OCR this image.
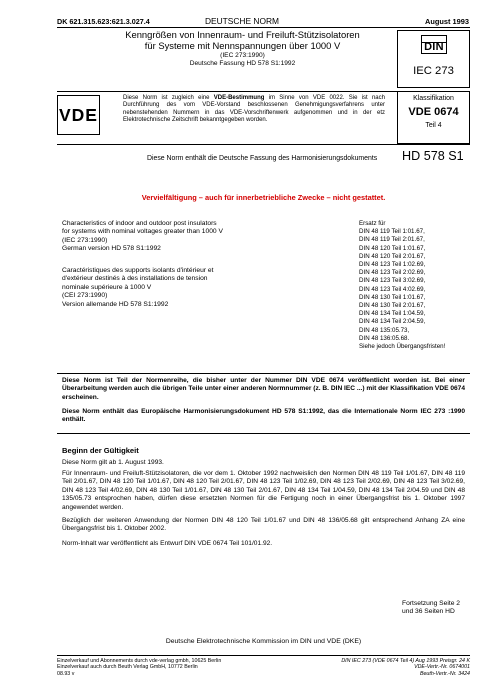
DK 621.315.623:621.3.027.4	DEUTSCHE NORM	August 1993
Kenngrößen von Innenraum- und Freiluft-Stützisolatoren
für Systeme mit Nennspannungen über 1000 V
(IEC 273:1990)
Deutsche Fassung HD 578 S1:1992
DIN
IEC 273
VDE
Diese Norm ist zugleich eine VDE-Bestimmung im Sinne von VDE 0022. Sie ist nach Durchführung des vom VDE-Vorstand beschlossenen Genehmigungsverfahrens unter nebenstehenden Nummern in das VDE-Vorschriftenwerk aufgenommen und in der etz Elektrotechnische Zeitschrift bekanntgegeben worden.
Klassifikation
VDE 0674
Teil 4
Diese Norm enthält die Deutsche Fassung des Harmonisierungsdokuments HD 578 S1
Vervielfältigung – auch für innerbetriebliche Zwecke – nicht gestattet.
Characteristics of indoor and outdoor post insulators
for systems with nominal voltages greater than 1000 V
(IEC 273:1990)
German version HD 578 S1:1992
Caractéristiques des supports isolants d'intérieur et
d'extérieur destinés à des installations de tension
nominale supérieure à 1000 V
(CEI 273:1990)
Version allemande HD 578 S1:1992
Ersatz für
DIN 48 119 Teil 1:01.67,
DIN 48 119 Teil 2:01.67,
DIN 48 120 Teil 1:01.67,
DIN 48 120 Teil 2:01.67,
DIN 48 123 Teil 1:02.69,
DIN 48 123 Teil 2:02.69,
DIN 48 123 Teil 3:02.69,
DIN 48 123 Teil 4:02.69,
DIN 48 130 Teil 1:01.67,
DIN 48 130 Teil 2:01.67,
DIN 48 134 Teil 1:04.59,
DIN 48 134 Teil 2:04.59,
DIN 48 135:05.73,
DIN 48 136:05.68.
Siehe jedoch Übergangsfristen!
Diese Norm ist Teil der Normenreihe, die bisher unter der Nummer DIN VDE 0674 veröffentlicht worden ist. Bei einer Überarbeitung werden auch die übrigen Teile unter einer anderen Normnummer (z. B. DIN IEC ...) mit der Klassifikation VDE 0674 erscheinen.
Diese Norm enthält das Europäische Harmonisierungsdokument HD 578 S1:1992, das die Internationale Norm IEC 273 :1990 enthält.
Beginn der Gültigkeit
Diese Norm gilt ab 1. August 1993.
Für Innenraum- und Freiluft-Stützisolatoren, die vor dem 1. Oktober 1992 nachweislich den Normen DIN 48 119 Teil 1/01.67, DIN 48 119 Teil 2/01.67, DIN 48 120 Teil 1/01.67, DIN 48 120 Teil 2/01.67, DIN 48 123 Teil 1/02.69, DIN 48 123 Teil 2/02.69, DIN 48 123 Teil 3/02.69, DIN 48 123 Teil 4/02.69, DIN 48 130 Teil 1/01.67, DIN 48 130 Teil 2/01.67, DIN 48 134 Teil 1/04.59, DIN 48 134 Teil 2/04.59 und DIN 48 135/05.73 entsprochen haben, dürfen diese ersetzten Normen für die Fertigung noch in einer Übergangsfrist bis 1. Oktober 1997 angewendet werden.
Bezüglich der weiteren Anwendung der Normen DIN 48 120 Teil 1/01.67 und DIN 48 136/05.68 gilt entsprechend Anhang ZA eine Übergangsfrist bis 1. Oktober 2002.
Norm-Inhalt war veröffentlicht als Entwurf DIN VDE 0674 Teil 101/01.92.
Fortsetzung Seite 2
und 36 Seiten HD
Deutsche Elektrotechnische Kommission im DIN und VDE (DKE)
Einzelverkauf und Abonnements durch vde-verlag gmbh, 10625 Berlin
Einzelverkauf auch durch Beuth Verlag GmbH, 10772 Berlin
08.93 v
DIN IEC 273 (VDE 0674 Teil 4) Aug 1993 Preisgr. 24 K
VDE-Vertr.-Nr. 0674001
Beuth-Vertr.-Nr. 3424
